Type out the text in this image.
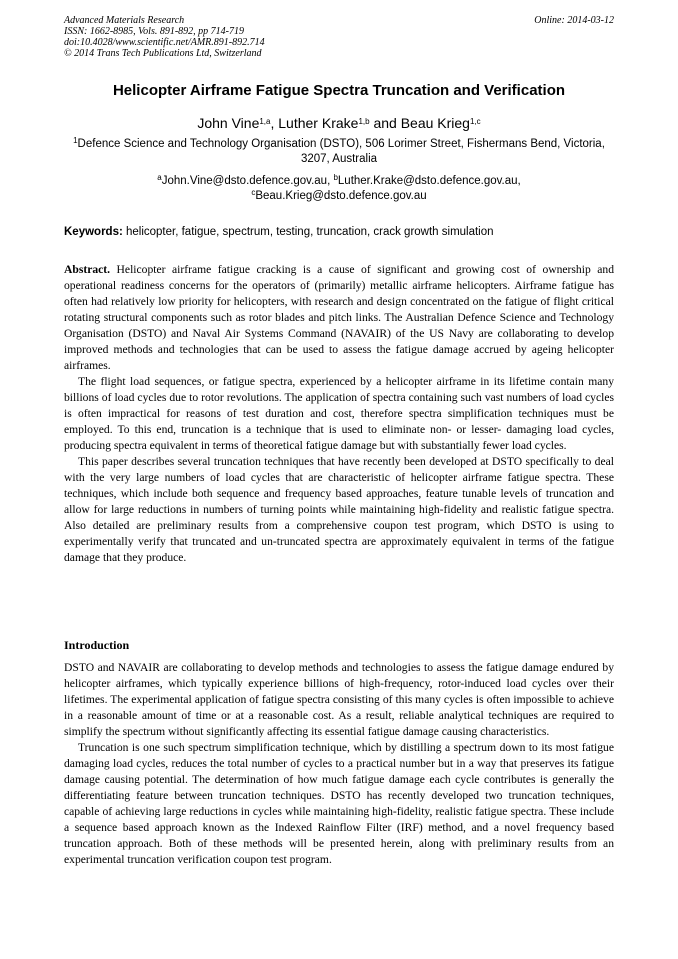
Advanced Materials Research
ISSN: 1662-8985, Vols. 891-892, pp 714-719
doi:10.4028/www.scientific.net/AMR.891-892.714
© 2014 Trans Tech Publications Ltd, Switzerland
Online: 2014-03-12
Helicopter Airframe Fatigue Spectra Truncation and Verification
John Vine$^{1,a}$, Luther Krake$^{1,b}$ and Beau Krieg$^{1,c}$
$^1$Defence Science and Technology Organisation (DSTO), 506 Lorimer Street, Fishermans Bend, Victoria, 3207, Australia
$^a$John.Vine@dsto.defence.gov.au, $^b$Luther.Krake@dsto.defence.gov.au,
$^c$Beau.Krieg@dsto.defence.gov.au
Keywords: helicopter, fatigue, spectrum, testing, truncation, crack growth simulation

Abstract. Helicopter airframe fatigue cracking is a cause of significant and growing cost of ownership and operational readiness concerns for the operators of (primarily) metallic airframe helicopters. Airframe fatigue has often had relatively low priority for helicopters, with research and design concentrated on the fatigue of flight critical rotating structural components such as rotor blades and pitch links. The Australian Defence Science and Technology Organisation (DSTO) and Naval Air Systems Command (NAVAIR) of the US Navy are collaborating to develop improved methods and technologies that can be used to assess the fatigue damage accrued by ageing helicopter airframes.

The flight load sequences, or fatigue spectra, experienced by a helicopter airframe in its lifetime contain many billions of load cycles due to rotor revolutions. The application of spectra containing such vast numbers of load cycles is often impractical for reasons of test duration and cost, therefore spectra simplification techniques must be employed. To this end, truncation is a technique that is used to eliminate non- or lesser- damaging load cycles, producing spectra equivalent in terms of theoretical fatigue damage but with substantially fewer load cycles.

This paper describes several truncation techniques that have recently been developed at DSTO specifically to deal with the very large numbers of load cycles that are characteristic of helicopter airframe fatigue spectra. These techniques, which include both sequence and frequency based approaches, feature tunable levels of truncation and allow for large reductions in numbers of turning points while maintaining high-fidelity and realistic fatigue spectra. Also detailed are preliminary results from a comprehensive coupon test program, which DSTO is using to experimentally verify that truncated and un-truncated spectra are approximately equivalent in terms of the fatigue damage that they produce.

Introduction

DSTO and NAVAIR are collaborating to develop methods and technologies to assess the fatigue damage endured by helicopter airframes, which typically experience billions of high-frequency, rotor-induced load cycles over their lifetimes. The experimental application of fatigue spectra consisting of this many cycles is often impossible to achieve in a reasonable amount of time or at a reasonable cost. As a result, reliable analytical techniques are required to simplify the spectrum without significantly affecting its essential fatigue damage causing characteristics.

Truncation is one such spectrum simplification technique, which by distilling a spectrum down to its most fatigue damaging load cycles, reduces the total number of cycles to a practical number but in a way that preserves its fatigue damage causing potential. The determination of how much fatigue damage each cycle contributes is generally the differentiating feature between truncation techniques. DSTO has recently developed two truncation techniques, capable of achieving large reductions in cycles while maintaining high-fidelity, realistic fatigue spectra. These include a sequence based approach known as the Indexed Rainflow Filter (IRF) method, and a novel frequency based truncation approach. Both of these methods will be presented herein, along with preliminary results from an experimental truncation verification coupon test program.
